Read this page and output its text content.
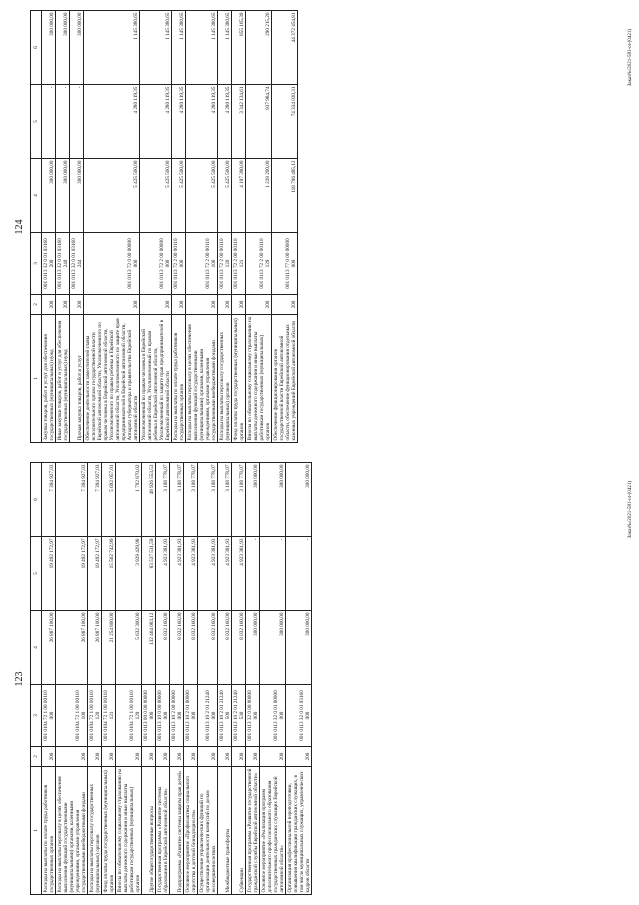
123
1	2	3	4	5	6
Расходы на выплаты по оплате труда работников государственных органов	200	001 0104 72 1 00 00110 000	26 887 100,00	19 492 172,97	7 394 927,03
Расходы на выплаты персоналу в целях обеспечения выполнения функций государственными (муниципальными) органами, казенными учреждениями, органами управления государственными внебюджетными фондами	200	001 0104 72 1 00 00110 100	26 887 100,00	19 492 172,97	7 394 927,03
Расходы на выплаты персоналу государственных (муниципальных) органов	200	001 0104 72 1 00 00110 120	26 887 100,00	19 492 172,97	7 394 927,03
Фонд оплаты труда государственных (муниципальных) органов	200	001 0104 72 1 00 00110 121	21 254 800,00	15 562 742,99	5 692 057,01
Взносы по обязательному социальному страхованию на выплаты денежного содержания и иные выплаты работникам государственных (муниципальных) органов	200	001 0104 72 1 00 00110 129	5 632 300,00	3 929 429,98	1 702 870,02
Другие общегосударственные вопросы	200	001 0113 00 0 00 00000 000	132 464 083,12	83 537 531,59	48 926 553,53
Государственная программа «Развитие системы образования в Еврейской автономной области»	200	001 0113 10 0 00 00000 000	8 032 160,00	4 923 381,93	3 108 778,07
Подпрограмма «Развитие системы защиты прав детей»	200	001 0113 10 2 00 00000 000	8 032 160,00	4 923 381,93	3 108 778,07
Основное мероприятие «Профилактика социального сиротства и детской безнадзорности»	200	001 0113 10 2 01 00000 000	8 032 160,00	4 923 381,93	3 108 778,07
Осуществление управленческих функций по организации деятельности комиссий по делам несовершеннолетних	200	001 0113 10 2 01 21240 000	8 032 160,00	4 923 381,93	3 108 778,07
Межбюджетные трансферты	200	001 0113 10 2 01 21240 500	8 032 160,00	4 923 381,93	3 108 778,07
Субвенции	200	001 0113 10 2 01 21240 530	8 032 160,00	4 923 381,93	3 108 778,07
Государственная программа «Развитие государственной гражданской службы Еврейской автономной области»	200	001 0113 32 0 00 00000 000	300 000,00	-	300 000,00
Основное мероприятие «Реализация программ дополнительного профессионального образования государственных гражданских служащих Еврейской автономной области»	200	001 0113 32 0 01 00000 000	300 000,00	-	300 000,00
Организация профессиональной переподготовки, повышения квалификации гражданских служащих, в том числе муниципальных служащих, управленческих кадров области	200	001 0113 32 0 01 03160 000	300 000,00	-	300 000,00
Заказ№/2021-581-ot-(0421)
124
1	2	3	4	5	6
Закупка товаров, работ и услуг для обеспечения государственных (муниципальных) нужд	200	001 0113 32 0 01 03160 200	300 000,00	-	300 000,00
Иные закупки товаров, работ и услуг для обеспечения государственных (муниципальных) нужд	200	001 0113 32 0 01 03160 240	300 000,00	-	300 000,00
Прочая закупка товаров, работ и услуг	200	001 0113 32 0 01 03160 244	300 000,00	-	300 000,00
Обеспечение деятельности заместителей главы исполнительного органа государственной власти Еврейской автономной области, Уполномоченного по правам человека в Еврейской автономной области, Уполномоченного по правам ребенка в Еврейской автономной области, Уполномоченного по защите прав предпринимателей в Еврейской автономной области, Аппарата губернатора и правительства Еврейской автономной области	200	001 0113 72 0 00 00000 000	5 425 500,00	4 280 119,35	1 145 380,65
Уполномоченный по правам человека в Еврейской автономной области, Уполномоченный по правам ребенка в Еврейской автономной области, Уполномоченный по защите прав предпринимателей в Еврейской автономной области	200	001 0113 72 2 00 00000 000	5 425 500,00	4 280 119,35	1 145 380,65
Расходы на выплаты по оплате труда работников государственных органов	200	001 0113 72 2 00 00110 000	5 425 500,00	4 280 119,35	1 145 380,65
Расходы на выплаты персоналу в целях обеспечения выполнения функций государственными (муниципальными) органами, казенными учреждениями, органами управления государственными внебюджетными фондами	200	001 0113 72 2 00 00110 100	5 425 500,00	4 280 119,35	1 145 380,65
Расходы на выплаты персоналу государственных (муниципальных) органов	200	001 0113 72 2 00 00110 120	5 425 500,00	4 280 119,35	1 145 380,65
Фонд оплаты труда государственных (муниципальных) органов	200	001 0113 72 2 00 00110 121	4 197 390,00	3 342 134,61	855 165,39
Взносы по обязательному социальному страхованию на выплаты денежного содержания и иные выплаты работникам государственных (муниципальных) органов	200	001 0113 72 2 00 00110 129	1 228 200,00	937 984,74	290 215,26
Обеспечение функционирования органов государственной власти Еврейской автономной области, обеспечение функционирования отдельных казенных учреждений Еврейской автономной области	200	001 0113 77 0 00 00000 000	118 706 485,12	74 334 030,31	44 372 454,81
Заказ№/2021-581-ot-(0421)
